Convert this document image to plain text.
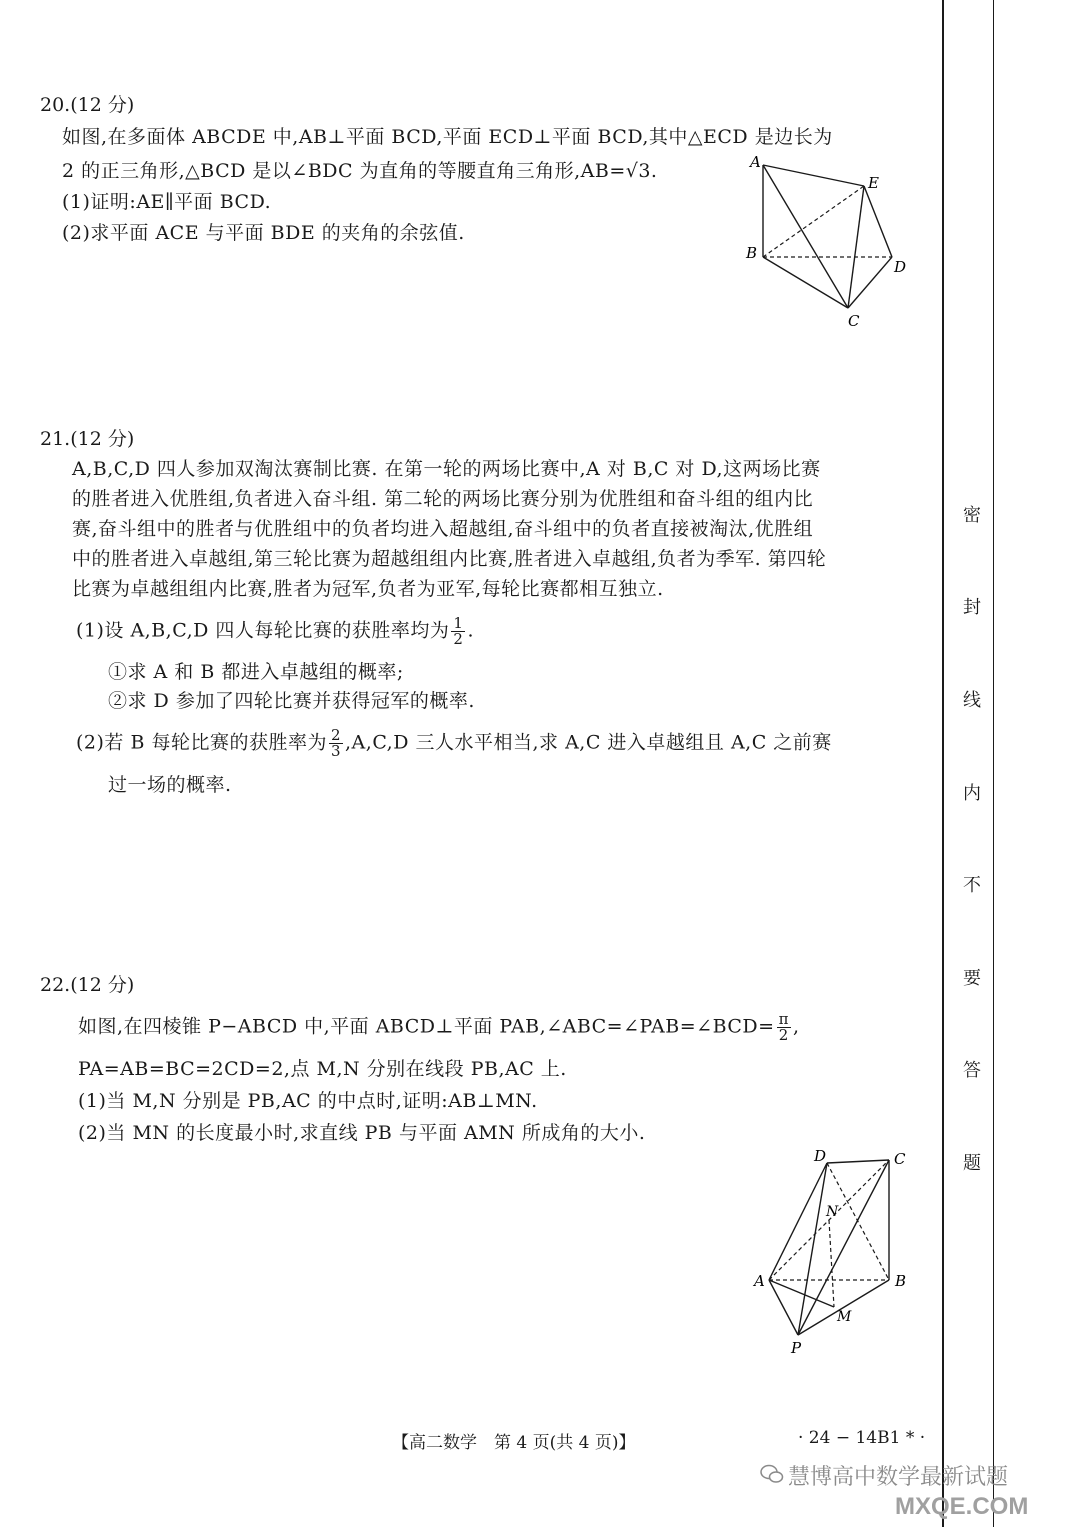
20.(12 分)
如图,在多面体 ABCDE 中,AB⊥平面 BCD,平面 ECD⊥平面 BCD,其中△ECD 是边长为
2 的正三角形,△BCD 是以∠BDC 为直角的等腰直角三角形,AB=√3.
(1)证明:AE∥平面 BCD.
(2)求平面 ACE 与平面 BDE 的夹角的余弦值.
A
E
B
D
C
21.(12 分)
A,B,C,D 四人参加双淘汰赛制比赛. 在第一轮的两场比赛中,A 对 B,C 对 D,这两场比赛
的胜者进入优胜组,负者进入奋斗组. 第二轮的两场比赛分别为优胜组和奋斗组的组内比
赛,奋斗组中的胜者与优胜组中的负者均进入超越组,奋斗组中的负者直接被淘汰,优胜组
中的胜者进入卓越组,第三轮比赛为超越组组内比赛,胜者进入卓越组,负者为季军. 第四轮
比赛为卓越组组内比赛,胜者为冠军,负者为亚军,每轮比赛都相互独立.
(1)设 A,B,C,D 四人每轮比赛的获胜率均为 $\frac{1}{2}$ .
①求 A 和 B 都进入卓越组的概率;
②求 D 参加了四轮比赛并获得冠军的概率.
(2)若 B 每轮比赛的获胜率为 $\frac{2}{3} ,A,C,D$ 三人水平相当,求 A,C 进入卓越组且 A,C 之前赛
过一场的概率.
22.(12 分)
如图,在四棱锥 P−ABCD 中,平面 ABCD⊥平面 PAB,∠ABC=∠PAB=∠BCD= $\frac{\pi}{2}$ ,
PA=AB=BC=2CD=2,点 M,N 分别在线段 PB,AC 上.
(1)当 M,N 分别是 PB,AC 的中点时,证明:AB⊥MN.
(2)当 MN 的长度最小时,求直线 PB 与平面 AMN 所成角的大小.
D	C
N
A	B
M
P
密
封
线
内
不
要
答
题
【高二数学　第 4 页(共 4 页)】	· 24 − 14B1 * ·
慧博高中数学最新试题
MXQE.COM
